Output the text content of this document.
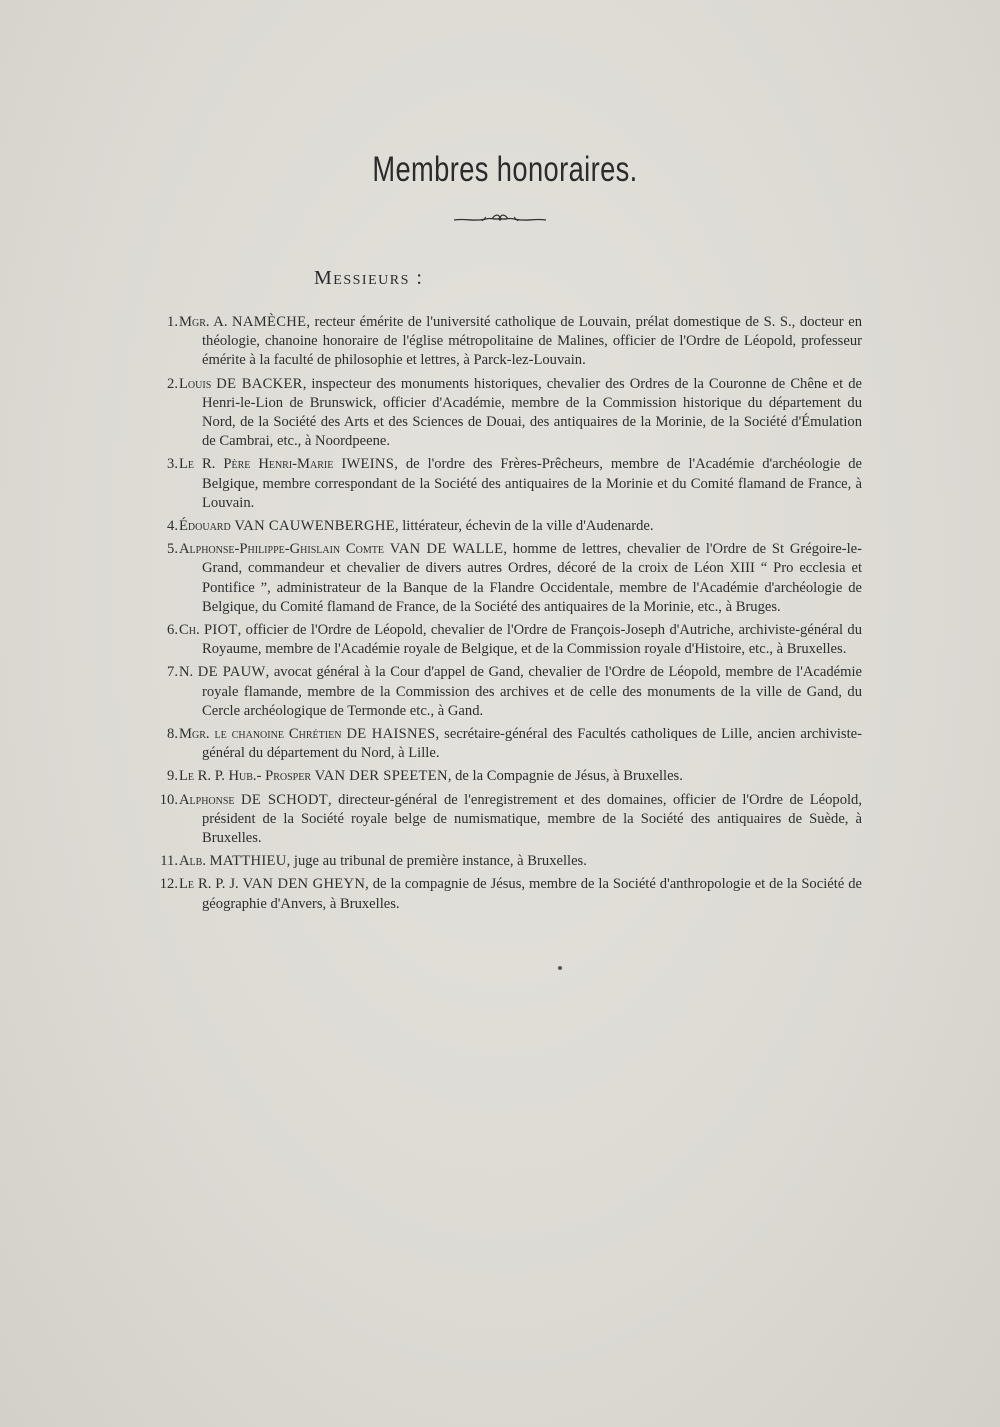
Membres honoraires.
Messieurs :
1. Mgr. A. NAMÈCHE, recteur émérite de l'université catholique de Louvain, prélat domestique de S. S., docteur en théologie, chanoine honoraire de l'église métropolitaine de Malines, officier de l'Ordre de Léopold, professeur émérite à la faculté de philosophie et lettres, à Parck-lez-Louvain.
2. Louis DE BACKER, inspecteur des monuments historiques, chevalier des Ordres de la Couronne de Chêne et de Henri-le-Lion de Brunswick, officier d'Académie, membre de la Commission historique du département du Nord, de la Société des Arts et des Sciences de Douai, des antiquaires de la Morinie, de la Société d'Émulation de Cambrai, etc., à Noordpeene.
3. Le R. Père Henri-Marie IWEINS, de l'ordre des Frères-Prêcheurs, membre de l'Académie d'archéologie de Belgique, membre correspondant de la Société des antiquaires de la Morinie et du Comité flamand de France, à Louvain.
4. Édouard VAN CAUWENBERGHE, littérateur, échevin de la ville d'Audenarde.
5. Alphonse-Philippe-Ghislain Comte VAN DE WALLE, homme de lettres, chevalier de l'Ordre de St Grégoire-le-Grand, commandeur et chevalier de divers autres Ordres, décoré de la croix de Léon XIII “ Pro ecclesia et Pontifice ”, administrateur de la Banque de la Flandre Occidentale, membre de l'Académie d'archéologie de Belgique, du Comité flamand de France, de la Société des antiquaires de la Morinie, etc., à Bruges.
6. Ch. PIOT, officier de l'Ordre de Léopold, chevalier de l'Ordre de François-Joseph d'Autriche, archiviste-général du Royaume, membre de l'Académie royale de Belgique, et de la Commission royale d'Histoire, etc., à Bruxelles.
7. N. DE PAUW, avocat général à la Cour d'appel de Gand, chevalier de l'Ordre de Léopold, membre de l'Académie royale flamande, membre de la Commission des archives et de celle des monuments de la ville de Gand, du Cercle archéologique de Termonde etc., à Gand.
8. Mgr. le chanoine Chrétien DE HAISNES, secrétaire-général des Facultés catholiques de Lille, ancien archiviste-général du département du Nord, à Lille.
9. Le R. P. Hub.- Prosper VAN DER SPEETEN, de la Compagnie de Jésus, à Bruxelles.
10. Alphonse DE SCHODT, directeur-général de l'enregistrement et des domaines, officier de l'Ordre de Léopold, président de la Société royale belge de numismatique, membre de la Société des antiquaires de Suède, à Bruxelles.
11. Alb. MATTHIEU, juge au tribunal de première instance, à Bruxelles.
12. Le R. P. J. VAN DEN GHEYN, de la compagnie de Jésus, membre de la Société d'anthropologie et de la Société de géographie d'Anvers, à Bruxelles.
